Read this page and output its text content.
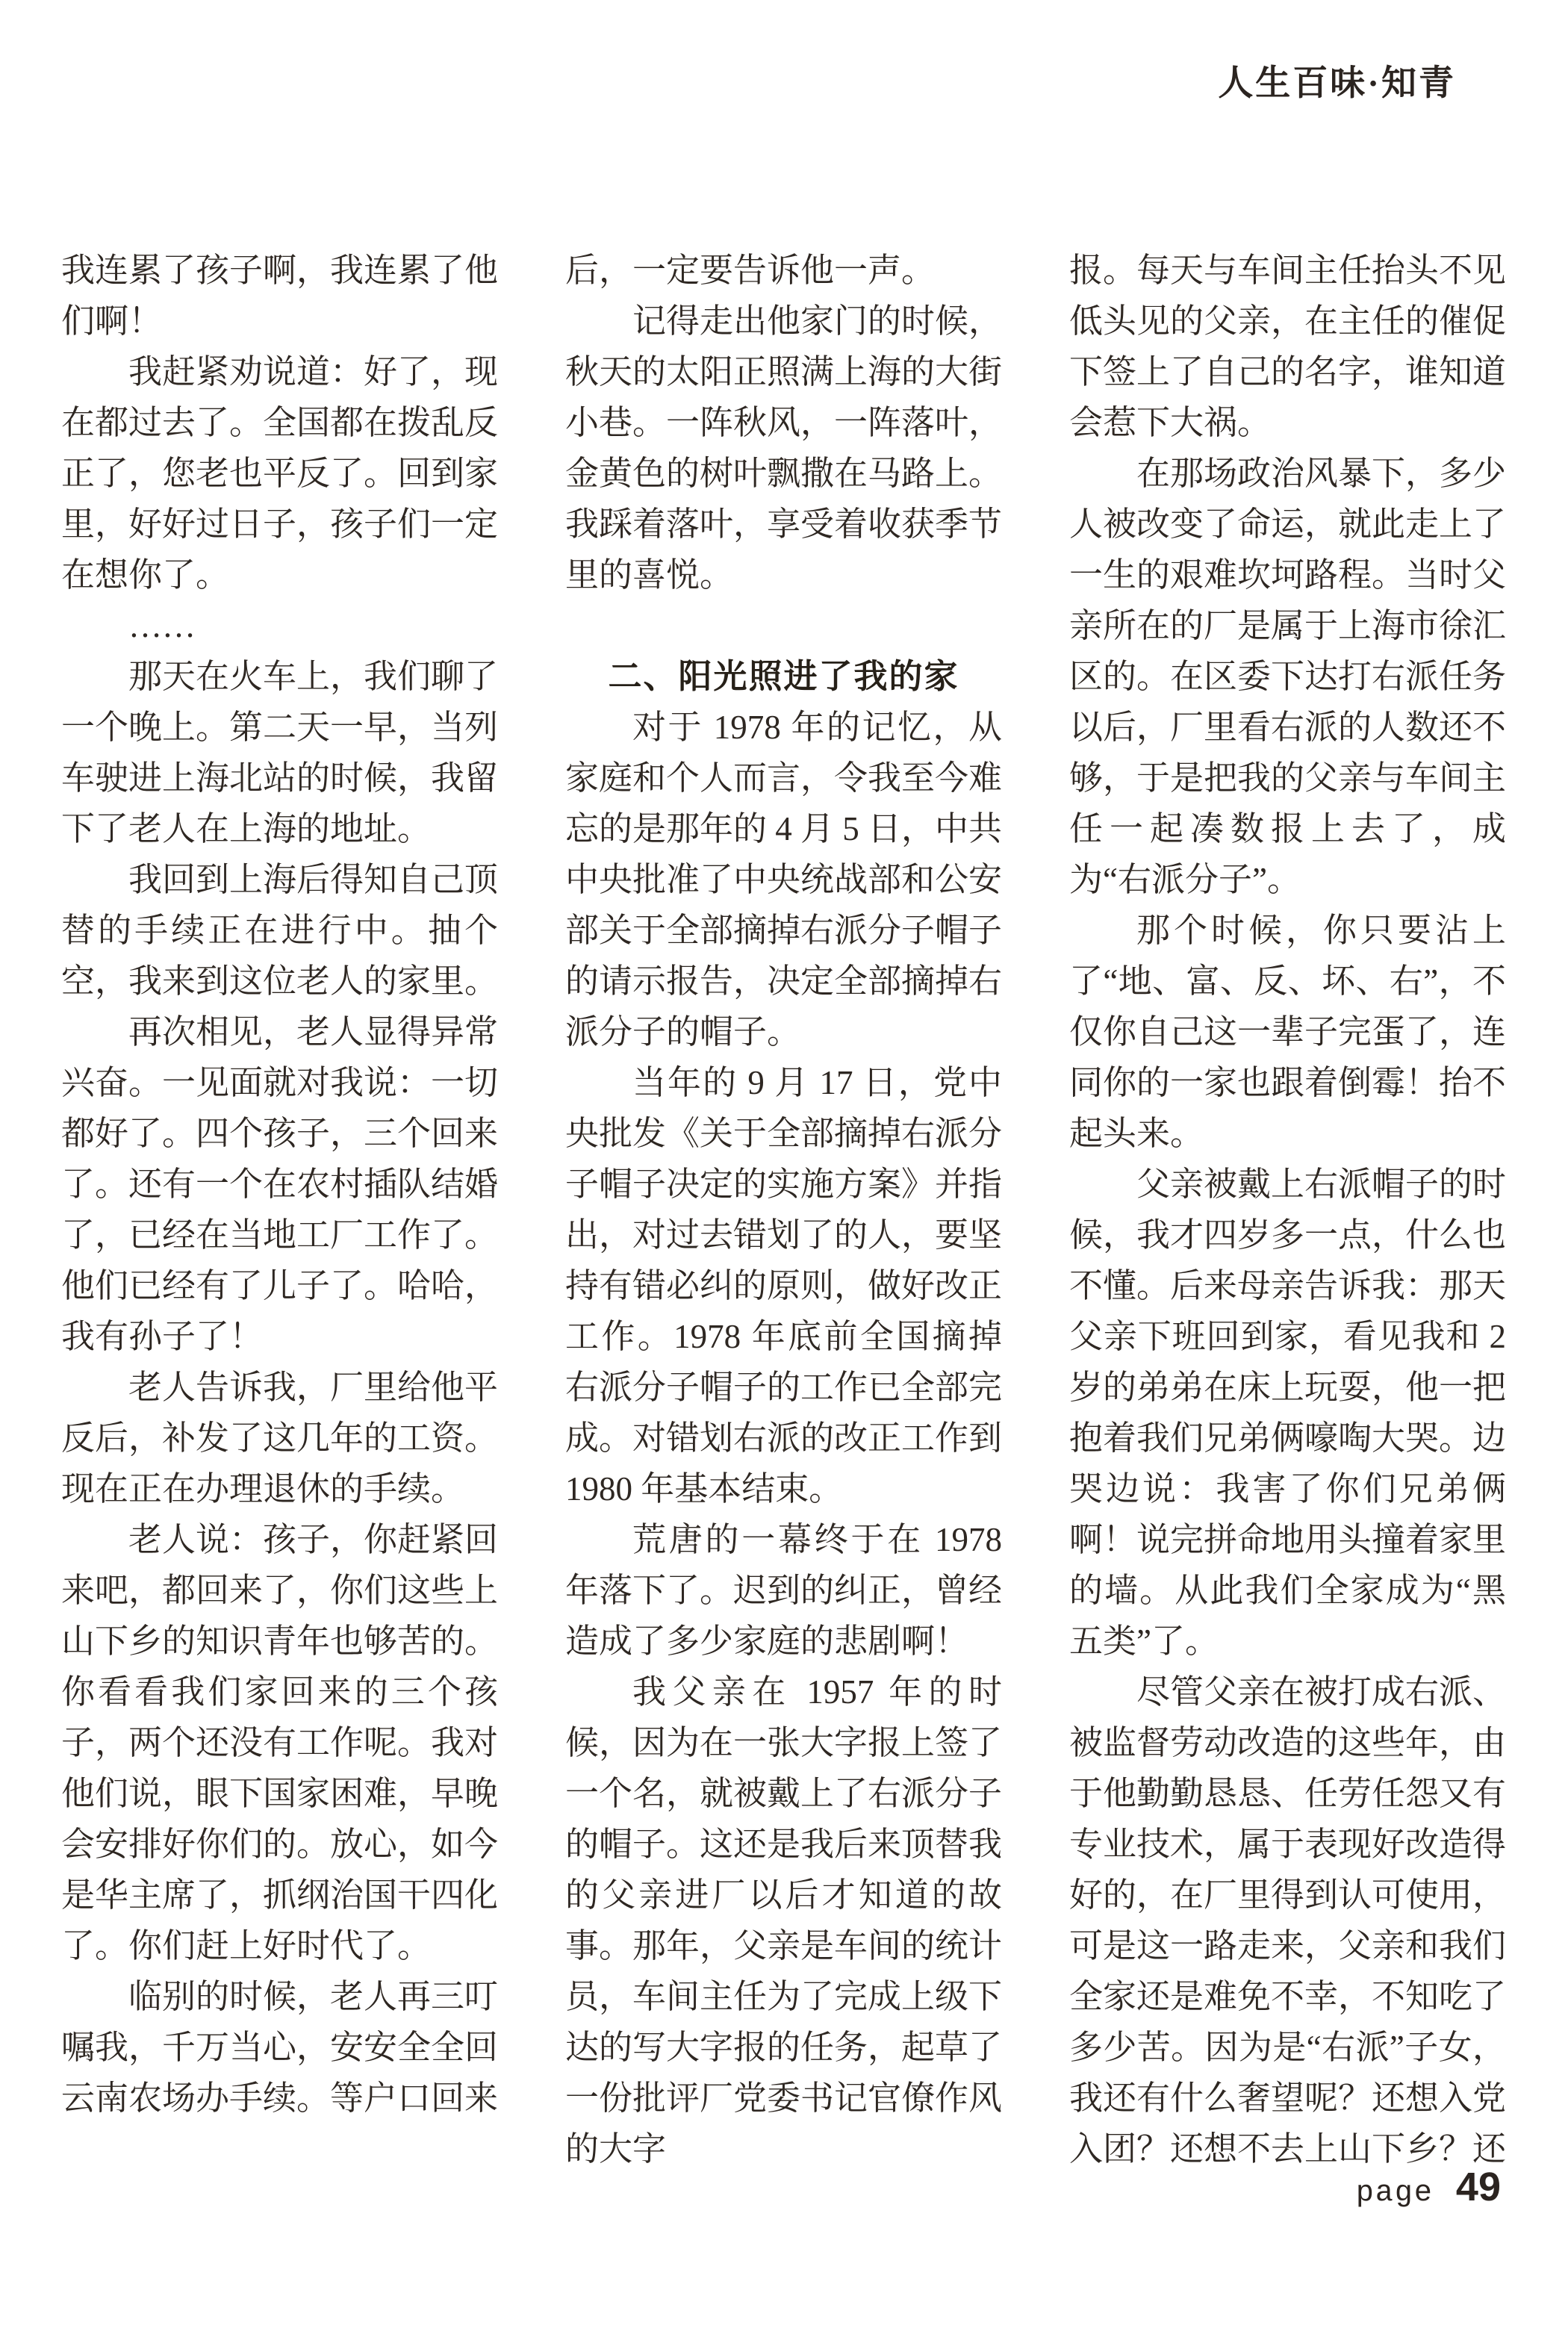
人生百味·知青

我连累了孩子啊，我连累了他们啊！

我赶紧劝说道：好了，现在都过去了。全国都在拨乱反正了，您老也平反了。回到家里，好好过日子，孩子们一定在想你了。

……

那天在火车上，我们聊了一个晚上。第二天一早，当列车驶进上海北站的时候，我留下了老人在上海的地址。

我回到上海后得知自己顶替的手续正在进行中。抽个空，我来到这位老人的家里。

再次相见，老人显得异常兴奋。一见面就对我说：一切都好了。四个孩子，三个回来了。还有一个在农村插队结婚了，已经在当地工厂工作了。他们已经有了儿子了。哈哈，我有孙子了！

老人告诉我，厂里给他平反后，补发了这几年的工资。现在正在办理退休的手续。

老人说：孩子，你赶紧回来吧，都回来了，你们这些上山下乡的知识青年也够苦的。你看看我们家回来的三个孩子，两个还没有工作呢。我对他们说，眼下国家困难，早晚会安排好你们的。放心，如今是华主席了，抓纲治国干四化了。你们赶上好时代了。

临别的时候，老人再三叮嘱我，千万当心，安安全全回云南农场办手续。等户口回来

后，一定要告诉他一声。

记得走出他家门的时候，秋天的太阳正照满上海的大街小巷。一阵秋风，一阵落叶，金黄色的树叶飘撒在马路上。我踩着落叶，享受着收获季节里的喜悦。

二、阳光照进了我的家

对于 1978 年的记忆，从家庭和个人而言，令我至今难忘的是那年的 4 月 5 日，中共中央批准了中央统战部和公安部关于全部摘掉右派分子帽子的请示报告，决定全部摘掉右派分子的帽子。

当年的 9 月 17 日，党中央批发《关于全部摘掉右派分子帽子决定的实施方案》并指出，对过去错划了的人，要坚持有错必纠的原则，做好改正工作。1978 年底前全国摘掉右派分子帽子的工作已全部完成。对错划右派的改正工作到 1980 年基本结束。

荒唐的一幕终于在 1978 年落下了。迟到的纠正，曾经造成了多少家庭的悲剧啊！

我父亲在 1957 年的时候，因为在一张大字报上签了一个名，就被戴上了右派分子的帽子。这还是我后来顶替我的父亲进厂以后才知道的故事。那年，父亲是车间的统计员，车间主任为了完成上级下达的写大字报的任务，起草了一份批评厂党委书记官僚作风的大字

报。每天与车间主任抬头不见低头见的父亲，在主任的催促下签上了自己的名字，谁知道会惹下大祸。

在那场政治风暴下，多少人被改变了命运，就此走上了一生的艰难坎坷路程。当时父亲所在的厂是属于上海市徐汇区的。在区委下达打右派任务以后，厂里看右派的人数还不够，于是把我的父亲与车间主任一起凑数报上去了，成为“右派分子”。

那个时候，你只要沾上了“地、富、反、坏、右”，不仅你自己这一辈子完蛋了，连同你的一家也跟着倒霉！抬不起头来。

父亲被戴上右派帽子的时候，我才四岁多一点，什么也不懂。后来母亲告诉我：那天父亲下班回到家，看见我和 2 岁的弟弟在床上玩耍，他一把抱着我们兄弟俩嚎啕大哭。边哭边说：我害了你们兄弟俩啊！说完拼命地用头撞着家里的墙。从此我们全家成为“黑五类”了。

尽管父亲在被打成右派、被监督劳动改造的这些年，由于他勤勤恳恳、任劳任怨又有专业技术，属于表现好改造得好的，在厂里得到认可使用，可是这一路走来，父亲和我们全家还是难免不幸，不知吃了多少苦。因为是“右派”子女，我还有什么奢望呢？还想入党入团？还想不去上山下乡？还

page 49
